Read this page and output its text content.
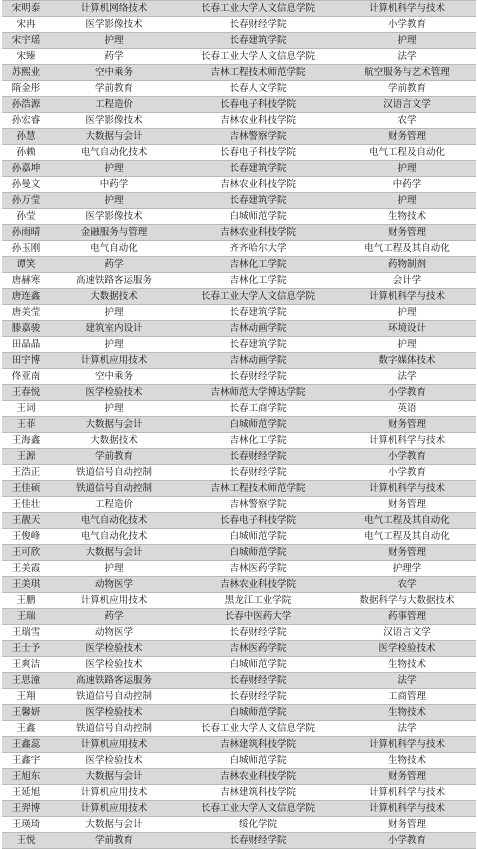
宋明泰	计算机网络技术	长春工业大学人文信息学院	计算机科学与技术
宋冉	医学影像技术	长春财经学院	小学教育
宋宇瑶	护理	长春建筑学院	护理
宋臻	药学	长春工业大学人文信息学院	法学
苏熙业	空中乘务	吉林工程技术师范学院	航空服务与艺术管理
隋金彤	学前教育	长春人文学院	学前教育
孙浩源	工程造价	长春电子科技学院	汉语言文学
孙宏睿	医学影像技术	吉林农业科技学院	农学
孙慧	大数据与会计	吉林警察学院	财务管理
孙赖	电气自动化技术	长春电子科技学院	电气工程及自动化
孙嘉坤	护理	长春建筑学院	护理
孙曼文	中药学	吉林农业科技学院	中药学
孙万莹	护理	长春建筑学院	护理
孙莹	医学影像技术	白城师范学院	生物技术
孙雨晴	金融服务与管理	吉林农业科技学院	财务管理
孙玉刚	电气自动化	齐齐哈尔大学	电气工程及其自动化
谭笑	药学	吉林化工学院	药物制剂
唐赫寒	高速铁路客运服务	吉林化工学院	会计学
唐连鑫	大数据技术	长春工业大学人文信息学院	计算机科学与技术
唐美莹	护理	长春建筑学院	护理
滕嘉骏	建筑室内设计	吉林动画学院	环境设计
田晶晶	护理	长春建筑学院	护理
田宇博	计算机应用技术	吉林动画学院	数字媒体技术
佟亚南	空中乘务	长春财经学院	法学
王春悦	医学检验技术	吉林师范大学博达学院	小学教育
王词	护理	长春工商学院	英语
王菲	大数据与会计	白城师范学院	财务管理
王海鑫	大数据技术	吉林化工学院	计算机科学与技术
王源	学前教育	长春财经学院	小学教育
王浩正	铁道信号自动控制	长春财经学院	小学教育
王佳硕	铁道信号自动控制	吉林工程技术师范学院	计算机科学与技术
王佳壮	工程造价	吉林警察学院	财务管理
王靓天	电气自动化技术	长春电子科技学院	电气工程及其自动化
王俊峰	电气自动化技术	白城师范学院	电气工程及其自动化
王可欣	大数据与会计	白城师范学院	财务管理
王美霞	护理	吉林医药学院	护理学
王美琪	动物医学	吉林农业科技学院	农学
王鹏	计算机应用技术	黑龙江工业学院	数据科学与大数据技术
王瑞	药学	长春中医药大学	药事管理
王瑞雪	动物医学	长春财经学院	汉语言文学
王士予	医学检验技术	吉林医药学院	医学检验技术
王爽洁	医学检验技术	白城师范学院	生物技术
王思潼	高速铁路客运服务	长春财经学院	法学
王翔	铁道信号自动控制	长春财经学院	工商管理
王馨妍	医学检验技术	白城师范学院	生物技术
王鑫	铁道信号自动控制	长春工业大学人文信息学院	法学
王鑫蕊	计算机应用技术	吉林建筑科技学院	计算机科学与技术
王鑫宇	医学检验技术	白城师范学院	生物技术
王旭东	大数据与会计	吉林农业科技学院	财务管理
王延旭	计算机应用技术	吉林建筑科技学院	计算机科学与技术
王羿博	计算机应用技术	长春工业大学人文信息学院	计算机科学与技术
王瑛琦	大数据与会计	绥化学院	财务管理
王悦	学前教育	长春财经学院	小学教育
